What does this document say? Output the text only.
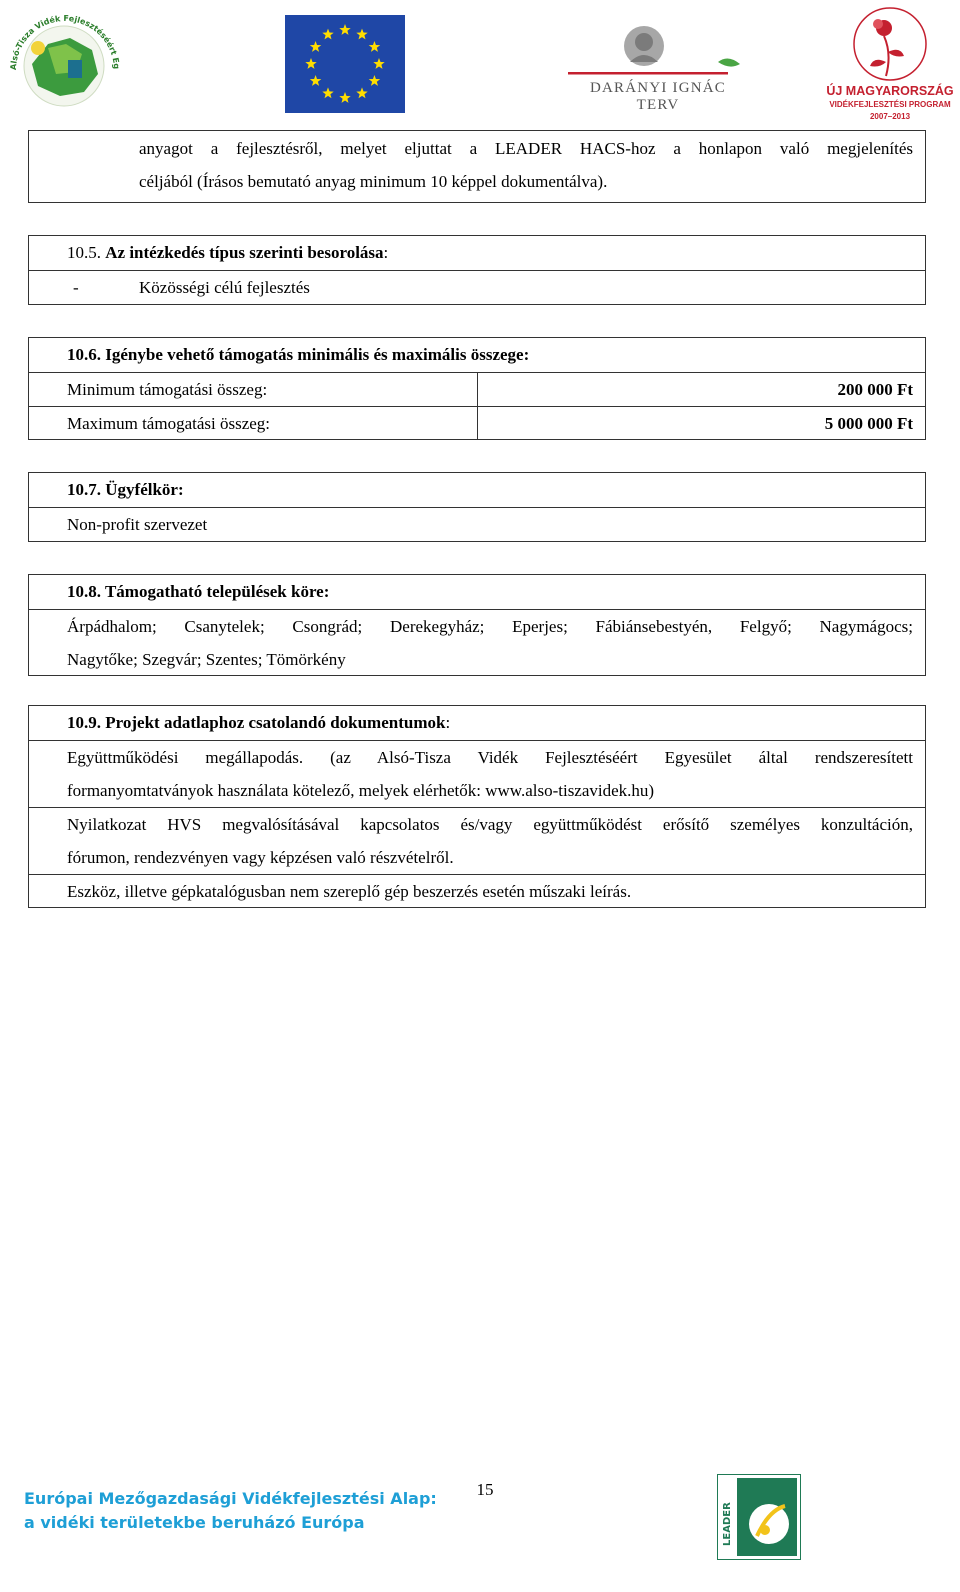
Alsó-Tisza Vidék Fejlesztéséért Eg
DARÁNYI IGNÁC TERV
ÚJ MAGYARORSZÁG
VIDÉKFEJLESZTÉSI PROGRAM
2007–2013
anyagot a fejlesztésről, melyet eljuttat a LEADER HACS-hoz a honlapon való megjelenítés
céljából (Írásos bemutató anyag minimum 10 képpel dokumentálva).
10.5. Az intézkedés típus szerinti besorolása:
-	Közösségi célú fejlesztés
10.6. Igénybe vehető támogatás minimális és maximális összege:
Minimum támogatási összeg:	200 000 Ft
Maximum támogatási összeg:	5 000 000 Ft
10.7. Ügyfélkör:
Non-profit szervezet
10.8. Támogatható települések köre:
Árpádhalom; Csanytelek; Csongrád; Derekegyház; Eperjes; Fábiánsebestyén, Felgyő; Nagymágocs;
Nagytőke; Szegvár; Szentes; Tömörkény
10.9. Projekt adatlaphoz csatolandó dokumentumok:
Együttműködési megállapodás. (az Alsó-Tisza Vidék Fejlesztéséért Egyesület által rendszeresített
formanyomtatványok használata kötelező, melyek elérhetők: www.also-tiszavidek.hu)
Nyilatkozat HVS megvalósításával kapcsolatos és/vagy együttműködést erősítő személyes konzultáción,
fórumon, rendezvényen vagy képzésen való részvételről.
Eszköz, illetve gépkatalógusban nem szereplő gép beszerzés esetén műszaki leírás.
Európai Mezőgazdasági Vidékfejlesztési Alap:
a vidéki területekbe beruházó Európa
15
LEADER
